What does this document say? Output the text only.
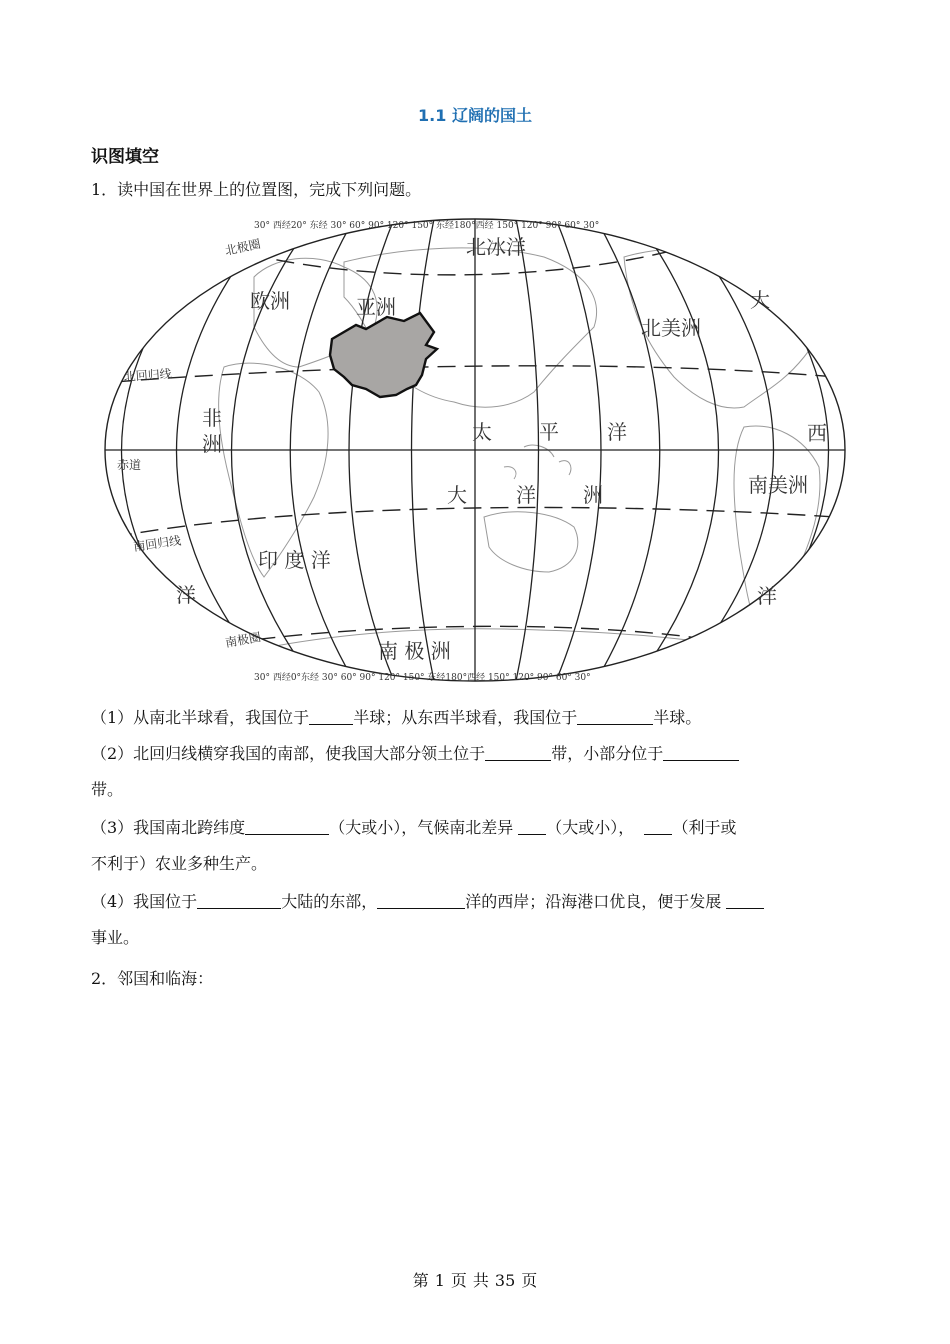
1.1 辽阔的国土
识图填空
1．读中国在世界上的位置图，完成下列问题。
30° 西经20° 东经 30° 60° 90° 120° 150° 东经180°西经 150° 120° 90° 60° 30°
30° 西经0°东经 30° 60° 90° 120° 150° 东经180°西经 150° 120° 90° 60° 30°
北冰洋
欧洲	亚洲
北美洲
大
西
洋
非
洲	太 平 洋
大 洋 洲	南美洲
印 度 洋
洋
南 极 洲
北极圈
北回归线
赤道
南回归线
南极圈
（1）从南北半球看，我国位于	半球；从东西半球看，我国位于	半球。
（2）北回归线横穿我国的南部，使我国大部分领土位于	带，小部分位于
带。
（3）我国南北跨纬度	（大或小），气候南北差异 （大或小）， （利于或
不利于）农业多种生产。
（4）我国位于	大陆的东部，	洋的西岸；沿海港口优良，便于发展
事业。
2．邻国和临海：
第 1 页 共 35 页
